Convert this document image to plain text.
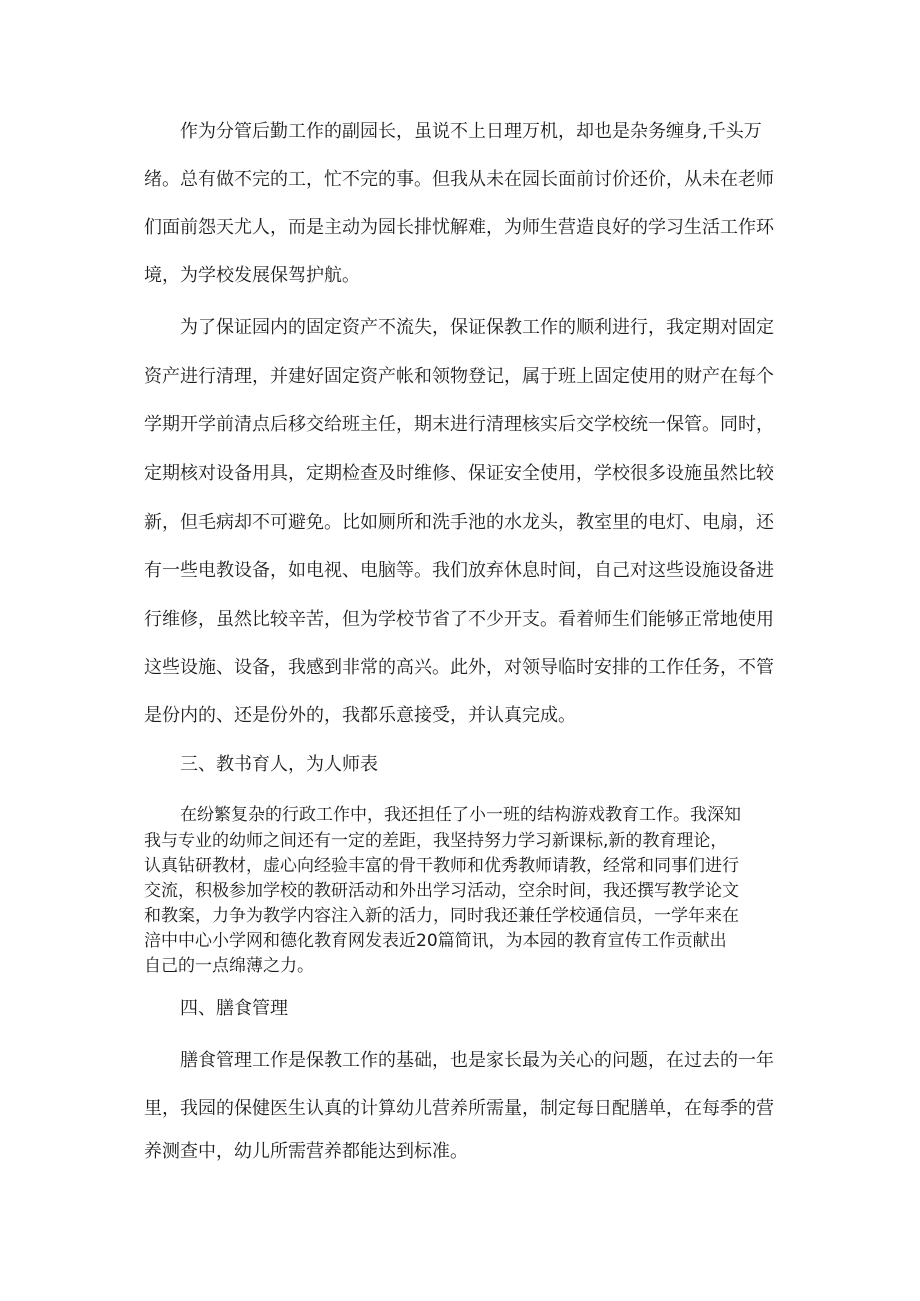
作为分管后勤工作的副园长，虽说不上日理万机，却也是杂务缠身,千头万
绪。总有做不完的工，忙不完的事。但我从未在园长面前讨价还价，从未在老师
们面前怨天尤人，而是主动为园长排忧解难，为师生营造良好的学习生活工作环
境，为学校发展保驾护航。
为了保证园内的固定资产不流失，保证保教工作的顺利进行，我定期对固定
资产进行清理，并建好固定资产帐和领物登记，属于班上固定使用的财产在每个
学期开学前清点后移交给班主任，期末进行清理核实后交学校统一保管。同时，
定期核对设备用具，定期检查及时维修、保证安全使用，学校很多设施虽然比较
新，但毛病却不可避免。比如厕所和洗手池的水龙头，教室里的电灯、电扇，还
有一些电教设备，如电视、电脑等。我们放弃休息时间，自己对这些设施设备进
行维修，虽然比较辛苦，但为学校节省了不少开支。看着师生们能够正常地使用
这些设施、设备，我感到非常的高兴。此外，对领导临时安排的工作任务，不管
是份内的、还是份外的，我都乐意接受，并认真完成。
三、教书育人，为人师表
在纷繁复杂的行政工作中，我还担任了小一班的结构游戏教育工作。我深知
我与专业的幼师之间还有一定的差距，我坚持努力学习新课标,新的教育理论，
认真钻研教材，虚心向经验丰富的骨干教师和优秀教师请教，经常和同事们进行
交流，积极参加学校的教研活动和外出学习活动，空余时间，我还撰写教学论文
和教案，力争为教学内容注入新的活力，同时我还兼任学校通信员，一学年来在
涪中中心小学网和德化教育网发表近20篇简讯，为本园的教育宣传工作贡献出
自己的一点绵薄之力。
四、膳食管理
膳食管理工作是保教工作的基础，也是家长最为关心的问题，在过去的一年
里，我园的保健医生认真的计算幼儿营养所需量，制定每日配膳单，在每季的营
养测查中，幼儿所需营养都能达到标准。
